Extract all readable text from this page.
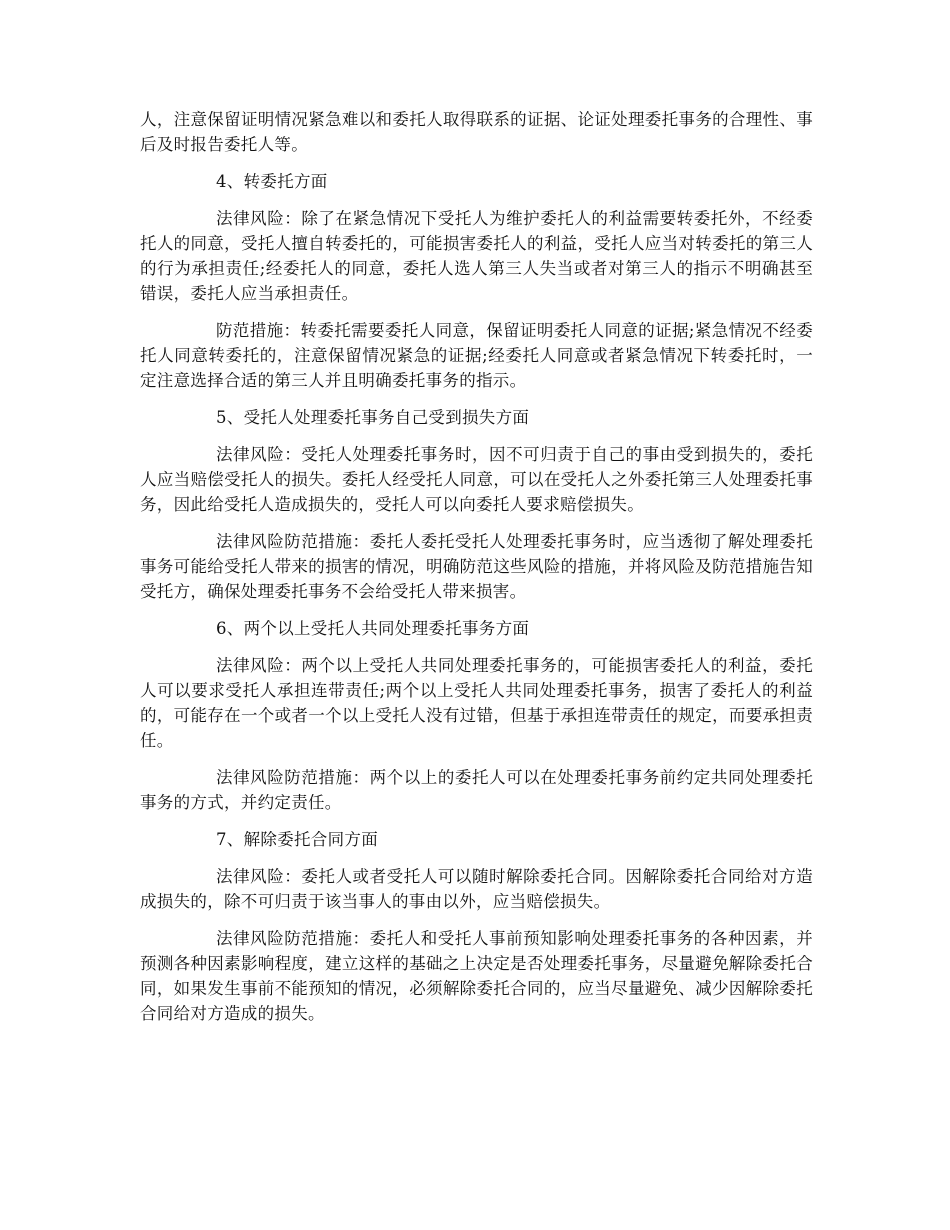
人，注意保留证明情况紧急难以和委托人取得联系的证据、论证处理委托事务的合理性、事后及时报告委托人等。

4、转委托方面

法律风险：除了在紧急情况下受托人为维护委托人的利益需要转委托外，不经委托人的同意，受托人擅自转委托的，可能损害委托人的利益，受托人应当对转委托的第三人的行为承担责任;经委托人的同意，委托人选人第三人失当或者对第三人的指示不明确甚至错误，委托人应当承担责任。

防范措施：转委托需要委托人同意，保留证明委托人同意的证据;紧急情况不经委托人同意转委托的，注意保留情况紧急的证据;经委托人同意或者紧急情况下转委托时，一定注意选择合适的第三人并且明确委托事务的指示。

5、受托人处理委托事务自己受到损失方面

法律风险：受托人处理委托事务时，因不可归责于自己的事由受到损失的，委托人应当赔偿受托人的损失。委托人经受托人同意，可以在受托人之外委托第三人处理委托事务，因此给受托人造成损失的，受托人可以向委托人要求赔偿损失。

法律风险防范措施：委托人委托受托人处理委托事务时，应当透彻了解处理委托事务可能给受托人带来的损害的情况，明确防范这些风险的措施，并将风险及防范措施告知受托方，确保处理委托事务不会给受托人带来损害。

6、两个以上受托人共同处理委托事务方面

法律风险：两个以上受托人共同处理委托事务的，可能损害委托人的利益，委托人可以要求受托人承担连带责任;两个以上受托人共同处理委托事务，损害了委托人的利益的，可能存在一个或者一个以上受托人没有过错，但基于承担连带责任的规定，而要承担责任。

法律风险防范措施：两个以上的委托人可以在处理委托事务前约定共同处理委托事务的方式，并约定责任。

7、解除委托合同方面

法律风险：委托人或者受托人可以随时解除委托合同。因解除委托合同给对方造成损失的，除不可归责于该当事人的事由以外，应当赔偿损失。

法律风险防范措施：委托人和受托人事前预知影响处理委托事务的各种因素，并预测各种因素影响程度，建立这样的基础之上决定是否处理委托事务，尽量避免解除委托合同，如果发生事前不能预知的情况，必须解除委托合同的，应当尽量避免、减少因解除委托合同给对方造成的损失。
